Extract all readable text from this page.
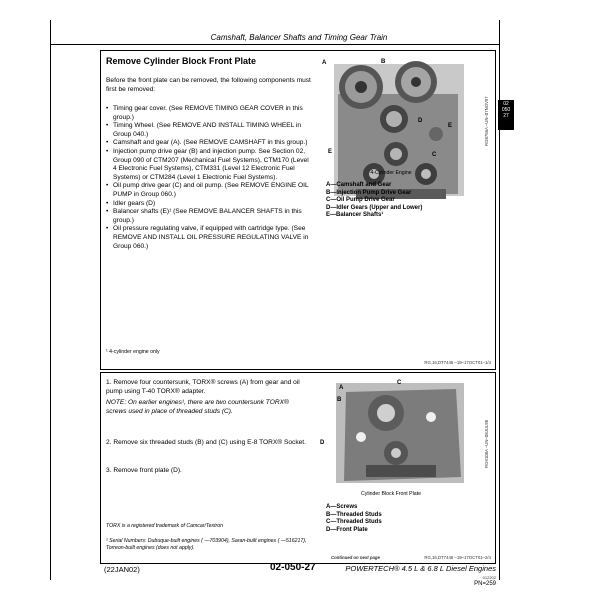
Camshaft, Balancer Shafts and Timing Gear Train
02
050
27
Remove Cylinder Block Front Plate
Before the front plate can be removed, the following components must first be removed:
• Timing gear cover. (See REMOVE TIMING GEAR COVER in this group.)
• Timing Wheel. (See REMOVE AND INSTALL TIMING WHEEL in Group 040.)
• Camshaft and gear (A). (See REMOVE CAMSHAFT in this group.)
• Injection pump drive gear (B) and injection pump. See Section 02, Group 090 of CTM207 (Mechanical Fuel Systems), CTM170 (Level 4 Electronic Fuel Systems), CTM331 (Level 12 Electronic Fuel Systems) or CTM284 (Level 1 Electronic Fuel Systems).
• Oil pump drive gear (C) and oil pump. (See REMOVE ENGINE OIL PUMP in Group 060.)
• Idler gears (D)
• Balancer shafts (E)¹ (See REMOVE BALANCER SHAFTS in this group.)
• Oil pressure regulating valve, if equipped with cartridge type. (See REMOVE AND INSTALL OIL PRESSURE REGULATING VALVE in Group 060.)
A	B
C
D
E
E	RG8756A –UN–07NOV97
4-Cylinder Engine
A—Camshaft and Gear
B—Injection Pump Drive Gear
C—Oil Pump Drive Gear
D—Idler Gears (Upper and Lower)
E—Balancer Shafts¹
¹ 4-cylinder engine only
RG,16,DT7446 –19–17OCT01–1/4
1. Remove four countersunk, TORX® screws (A) from gear and oil pump using T-40 TORX® adapter.
NOTE: On earlier engines¹, there are two countersunk TORX® screws used in place of threaded studs (C).
2. Remove six threaded studs (B) and (C) using E-8 TORX® Socket.
3. Remove front plate (D).
A
B
C
D	RG9108A –UN–08JUL98
Cylinder Block Front Plate
A—Screws
B—Threaded Studs
C—Threaded Studs
D—Front Plate
TORX is a registered trademark of Camcar/Textron
¹ Serial Numbers: Dubuque-built engines ( —703904), Saran-built engines ( —516217), Torreon-built engines (does not apply).
Continued on next page	RG,16,DT7446 –19–17OCT01–2/4
(22JAN02)	02-050-27	POWERTECH® 4.5 L & 6.8 L Diesel Engines
012202
PN=259
